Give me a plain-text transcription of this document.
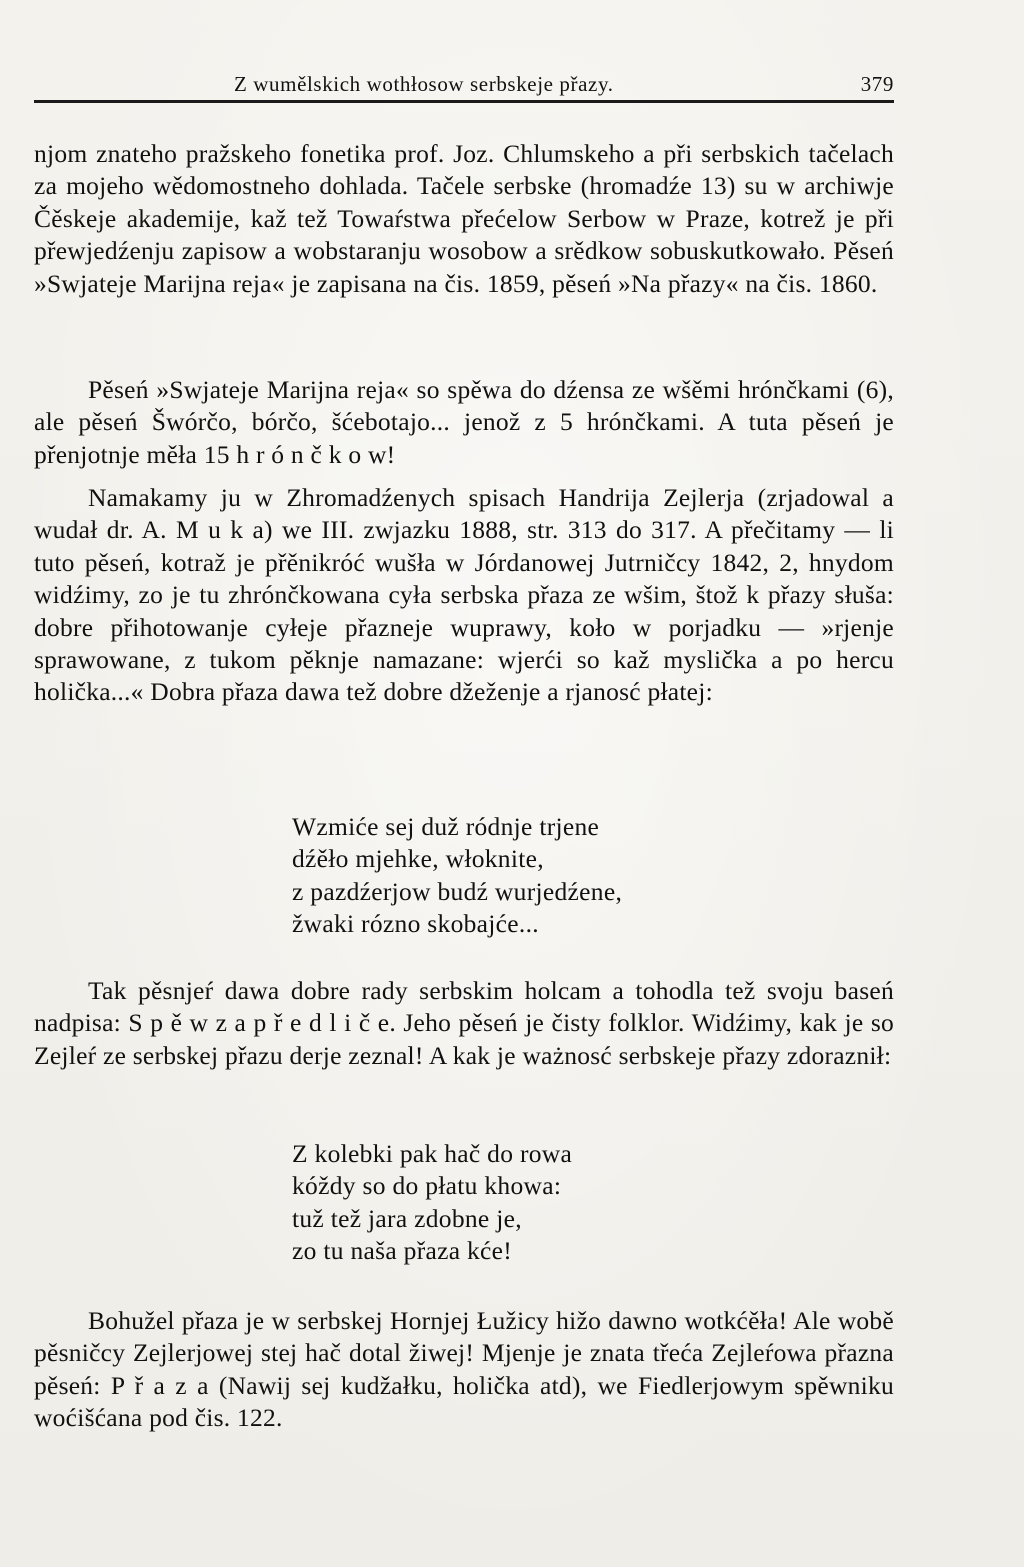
Z wumělskich wothłosow serbskeje přazy.	379

njom znateho pražskeho fonetika prof. Joz. Chlumskeho a při serbskich tačelach za mojeho wědomostneho dohlada. Tačele serbske (hromadźe 13) su w archiwje Čěskeje akademije, kaž tež Towaŕstwa přećelow Serbow w Praze, kotrež je při přewjedźenju zapisow a wobstaranju wosobow a srědkow sobuskutkowało. Pěseń »Swjateje Marijna reja« je zapisana na čis. 1859, pěseń »Na přazy« na čis. 1860.

Pěseń »Swjateje Marijna reja« so spěwa do dźensa ze wšěmi hrónčkami (6), ale pěseń Šwórčo, bórčo, šćebotajo... jenož z 5 hrónčkami. A tuta pěseń je přenjotnje měła 15 h r ó n č k o w!

Namakamy ju w Zhromadźenych spisach Handrija Zejlerja (zrjadowal a wudał dr. A. M u k a) we III. zwjazku 1888, str. 313 do 317. A přečitamy — li tuto pěseń, kotraž je přěnikróć wušła w Jórdanowej Jutrničcy 1842, 2, hnydom widźimy, zo je tu zhrónčkowana cyła serbska přaza ze wšim, štož k přazy słuša: dobre přihotowanje cyłeje přazneje wuprawy, koło w porjadku — »rjenje sprawowane, z tukom pěknje namazane: wjerći so kaž myslička a po hercu holička...« Dobra přaza dawa tež dobre džeženje a rjanosć płatej:

Wzmiće sej duž ródnje trjene
dźěło mjehke, włoknite,
z pazdźerjow budź wurjedźene,
žwaki rózno skobajće...

Tak pěsnjeŕ dawa dobre rady serbskim holcam a tohodla tež svoju baseń nadpisa: S p ě w z a p ř e d l i č e. Jeho pěseń je čisty folklor. Widźimy, kak je so Zejleŕ ze serbskej přazu derje zeznal! A kak je ważnosć serbskeje přazy zdoraznił:

Z kolebki pak hač do rowa
kóždy so do płatu khowa:
tuž tež jara zdobne je,
zo tu naša přaza kće!

Bohužel přaza je w serbskej Hornjej Łužicy hižo dawno wotkćěła! Ale wobě pěsničcy Zejlerjowej stej hač dotal žiwej! Mjenje je znata třeća Zejleŕowa přazna pěseń: P ř a z a (Nawij sej kudžałku, holička atd), we Fiedlerjowym spěwniku woćišćana pod čis. 122.
